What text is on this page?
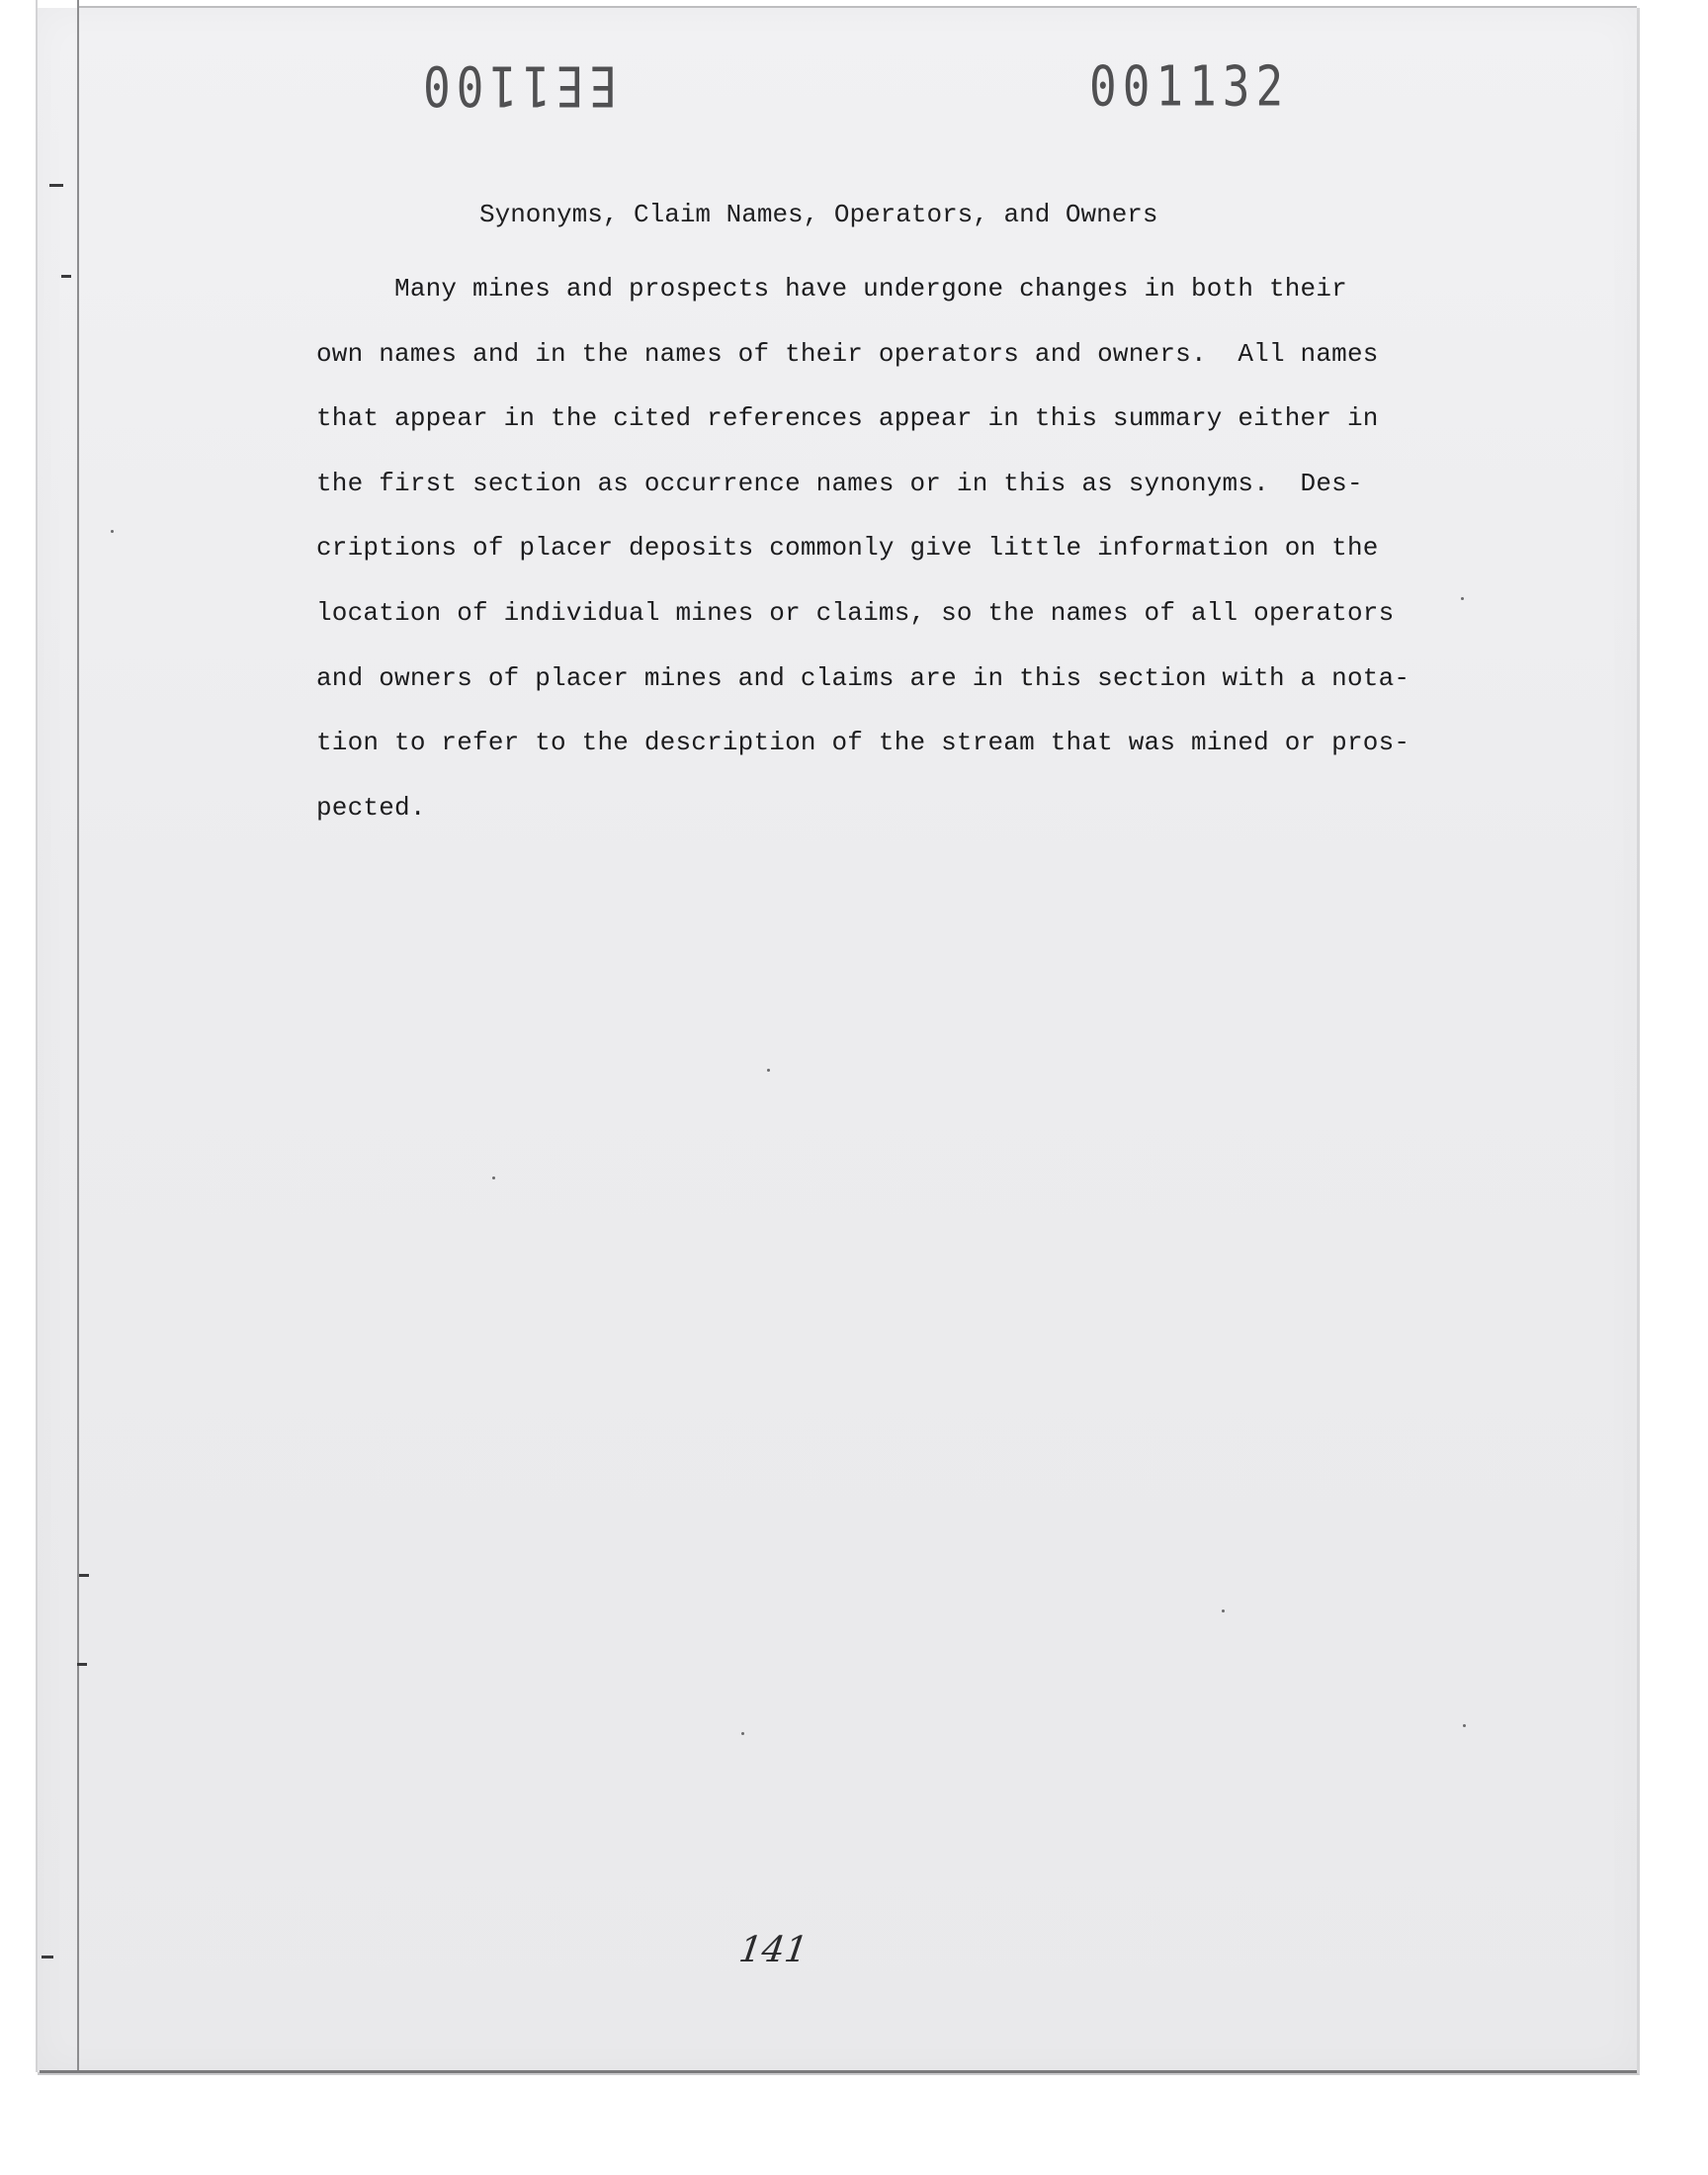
EE1100	001132
Synonyms, Claim Names, Operators, and Owners
Many mines and prospects have undergone changes in both their
own names and in the names of their operators and owners.  All names
that appear in the cited references appear in this summary either in
the first section as occurrence names or in this as synonyms.  Des-
criptions of placer deposits commonly give little information on the
location of individual mines or claims, so the names of all operators
and owners of placer mines and claims are in this section with a nota-
tion to refer to the description of the stream that was mined or pros-
pected.
141
